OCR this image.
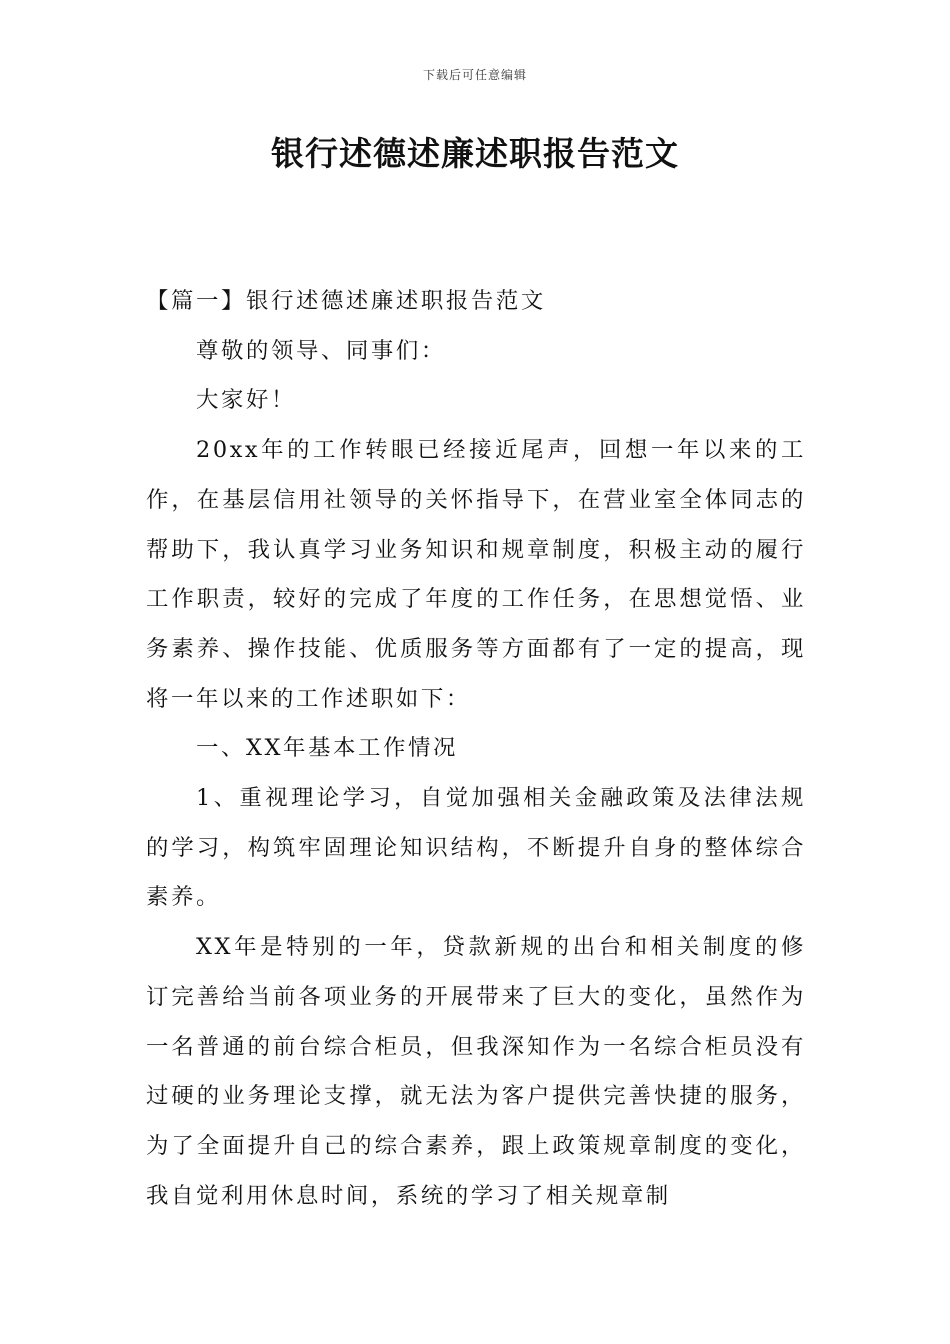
下载后可任意编辑
银行述德述廉述职报告范文

【篇一】银行述德述廉述职报告范文

尊敬的领导、同事们：

大家好！

20xx年的工作转眼已经接近尾声，回想一年以来的工作，在基层信用社领导的关怀指导下，在营业室全体同志的帮助下，我认真学习业务知识和规章制度，积极主动的履行工作职责，较好的完成了年度的工作任务，在思想觉悟、业务素养、操作技能、优质服务等方面都有了一定的提高，现将一年以来的工作述职如下：

一、XX年基本工作情况

1、重视理论学习，自觉加强相关金融政策及法律法规的学习，构筑牢固理论知识结构，不断提升自身的整体综合素养。

XX年是特别的一年，贷款新规的出台和相关制度的修订完善给当前各项业务的开展带来了巨大的变化，虽然作为一名普通的前台综合柜员，但我深知作为一名综合柜员没有过硬的业务理论支撑，就无法为客户提供完善快捷的服务，为了全面提升自己的综合素养，跟上政策规章制度的变化，我自觉利用休息时间，系统的学习了相关规章制
